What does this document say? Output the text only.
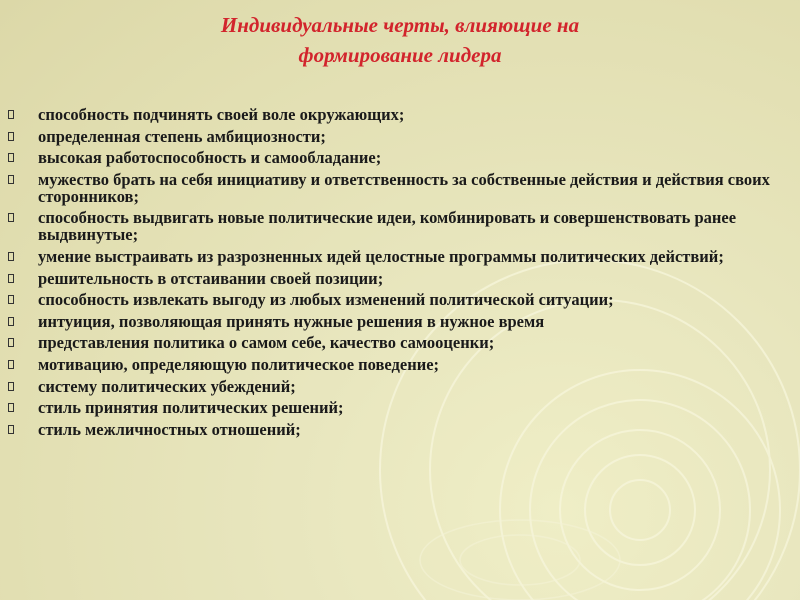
Индивидуальные черты, влияющие на
формирование лидера
способность подчинять своей воле окружающих;
определенная степень амбициозности;
высокая работоспособность и самообладание;
мужество брать на себя инициативу и ответственность за собственные действия и действия своих сторонников;
способность выдвигать новые политические идеи, комбинировать и совершенствовать ранее выдвинутые;
умение выстраивать из разрозненных идей целостные программы политических действий;
решительность в отстаивании своей позиции;
способность извлекать выгоду из любых изменений политической ситуации;
интуиция, позволяющая принять нужные решения в нужное время
представления политика о самом себе, качество самооценки;
мотивацию, определяющую политическое поведение;
систему политических убеждений;
стиль принятия политических решений;
стиль межличностных отношений;
